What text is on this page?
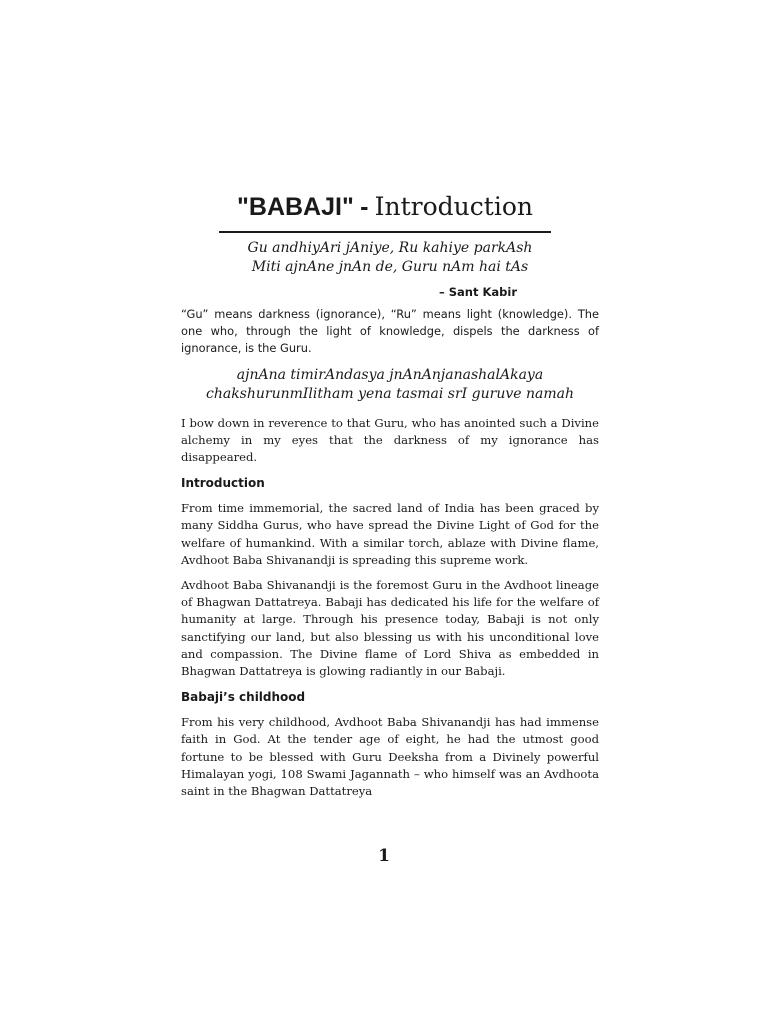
"BABAJI" - Introduction

Gu andhiyAri jAniye, Ru kahiye parkAsh

Miti ajnAne jnAn de, Guru nAm hai tAs

– Sant Kabir

“Gu” means darkness (ignorance), “Ru” means light (knowledge). The one who, through the light of knowledge, dispels the darkness of ignorance, is the Guru.

ajnAna timirAndasya jnAnAnjanashalAkaya

chakshurunmIlitham yena tasmai srI guruve namah

I bow down in reverence to that Guru, who has anointed such a Divine alchemy in my eyes that the darkness of my ignorance has disappeared.

Introduction

From time immemorial, the sacred land of India has been graced by many Siddha Gurus, who have spread the Divine Light of God for the welfare of humankind. With a similar torch, ablaze with Divine flame, Avdhoot Baba Shivanandji is spreading this supreme work.

Avdhoot Baba Shivanandji is the foremost Guru in the Avdhoot lineage of Bhagwan Dattatreya. Babaji has dedicated his life for the welfare of humanity at large. Through his presence today, Babaji is not only sanctifying our land, but also blessing us with his unconditional love and compassion. The Divine flame of Lord Shiva as embedded in Bhagwan Dattatreya is glowing radiantly in our Babaji.

Babaji’s childhood

From his very childhood, Avdhoot Baba Shivanandji has had immense faith in God. At the tender age of eight, he had the utmost good fortune to be blessed with Guru Deeksha from a Divinely powerful Himalayan yogi, 108 Swami Jagannath – who himself was an Avdhoota saint in the Bhagwan Dattatreya

1
